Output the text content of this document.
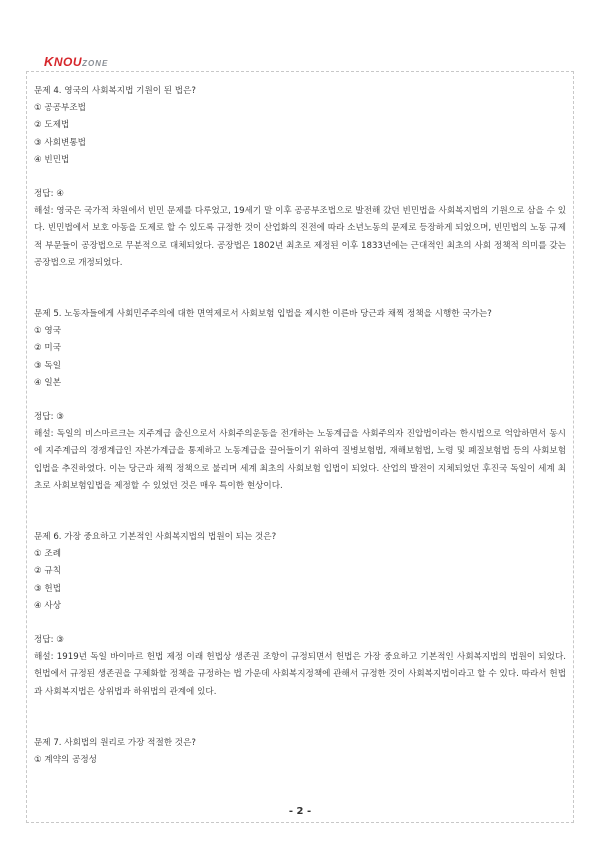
KNOUZONE
문제 4. 영국의 사회복지법 기원이 된 법은?
① 공공부조법
② 도제법
③ 사회변통법
④ 빈민법
정답: ④
해설: 영국은 국가적 차원에서 빈민 문제를 다루었고, 19세기 말 이후 공공부조법으로 발전해 갔던 빈민법을 사회복지법의 기원으로 삼을 수 있다. 빈민법에서 보호 아동을 도제로 할 수 있도록 규정한 것이 산업화의 진전에 따라 소년노동의 문제로 등장하게 되었으며, 빈민법의 노동 규제적 부문들이 공장법으로 무분적으로 대체되었다. 공장법은 1802년 최초로 제정된 이후 1833년에는 근대적인 최초의 사회 정책적 의미를 갖는 공장법으로 개정되었다.
문제 5. 노동자들에게 사회민주주의에 대한 면역제로서 사회보험 입법을 제시한 이른바 당근과 채찍 정책을 시행한 국가는?
① 영국
② 미국
③ 독일
④ 일본
정답: ③
해설: 독일의 비스마르크는 지주계급 출신으로서 사회주의운동을 전개하는 노동계급을 사회주의자 진압법이라는 한시법으로 억압하면서 동시에 지주계급의 경쟁계급인 자본가계급을 통제하고 노동계급을 끌어들이기 위하여 질병보험법, 재해보험법, 노령 및 폐질보험법 등의 사회보험 입법을 추진하였다. 이는 당근과 채찍 정책으로 불리며 세계 최초의 사회보험 입법이 되었다. 산업의 발전이 지체되었던 후진국 독일이 세계 최초로 사회보험입법을 제정할 수 있었던 것은 매우 특이한 현상이다.
문제 6. 가장 중요하고 기본적인 사회복지법의 법원이 되는 것은?
① 조례
② 규칙
③ 헌법
④ 사상
정답: ③
해설: 1919년 독일 바이마르 헌법 제정 이래 헌법상 생존권 조항이 규정되면서 헌법은 가장 중요하고 기본적인 사회복지법의 법원이 되었다. 헌법에서 규정된 생존권을 구체화할 정책을 규정하는 법 가운데 사회복지정책에 관해서 규정한 것이 사회복지법이라고 할 수 있다. 따라서 헌법과 사회복지법은 상위법과 하위법의 관계에 있다.
문제 7. 사회법의 원리로 가장 적절한 것은?
① 계약의 공정성
- 2 -
